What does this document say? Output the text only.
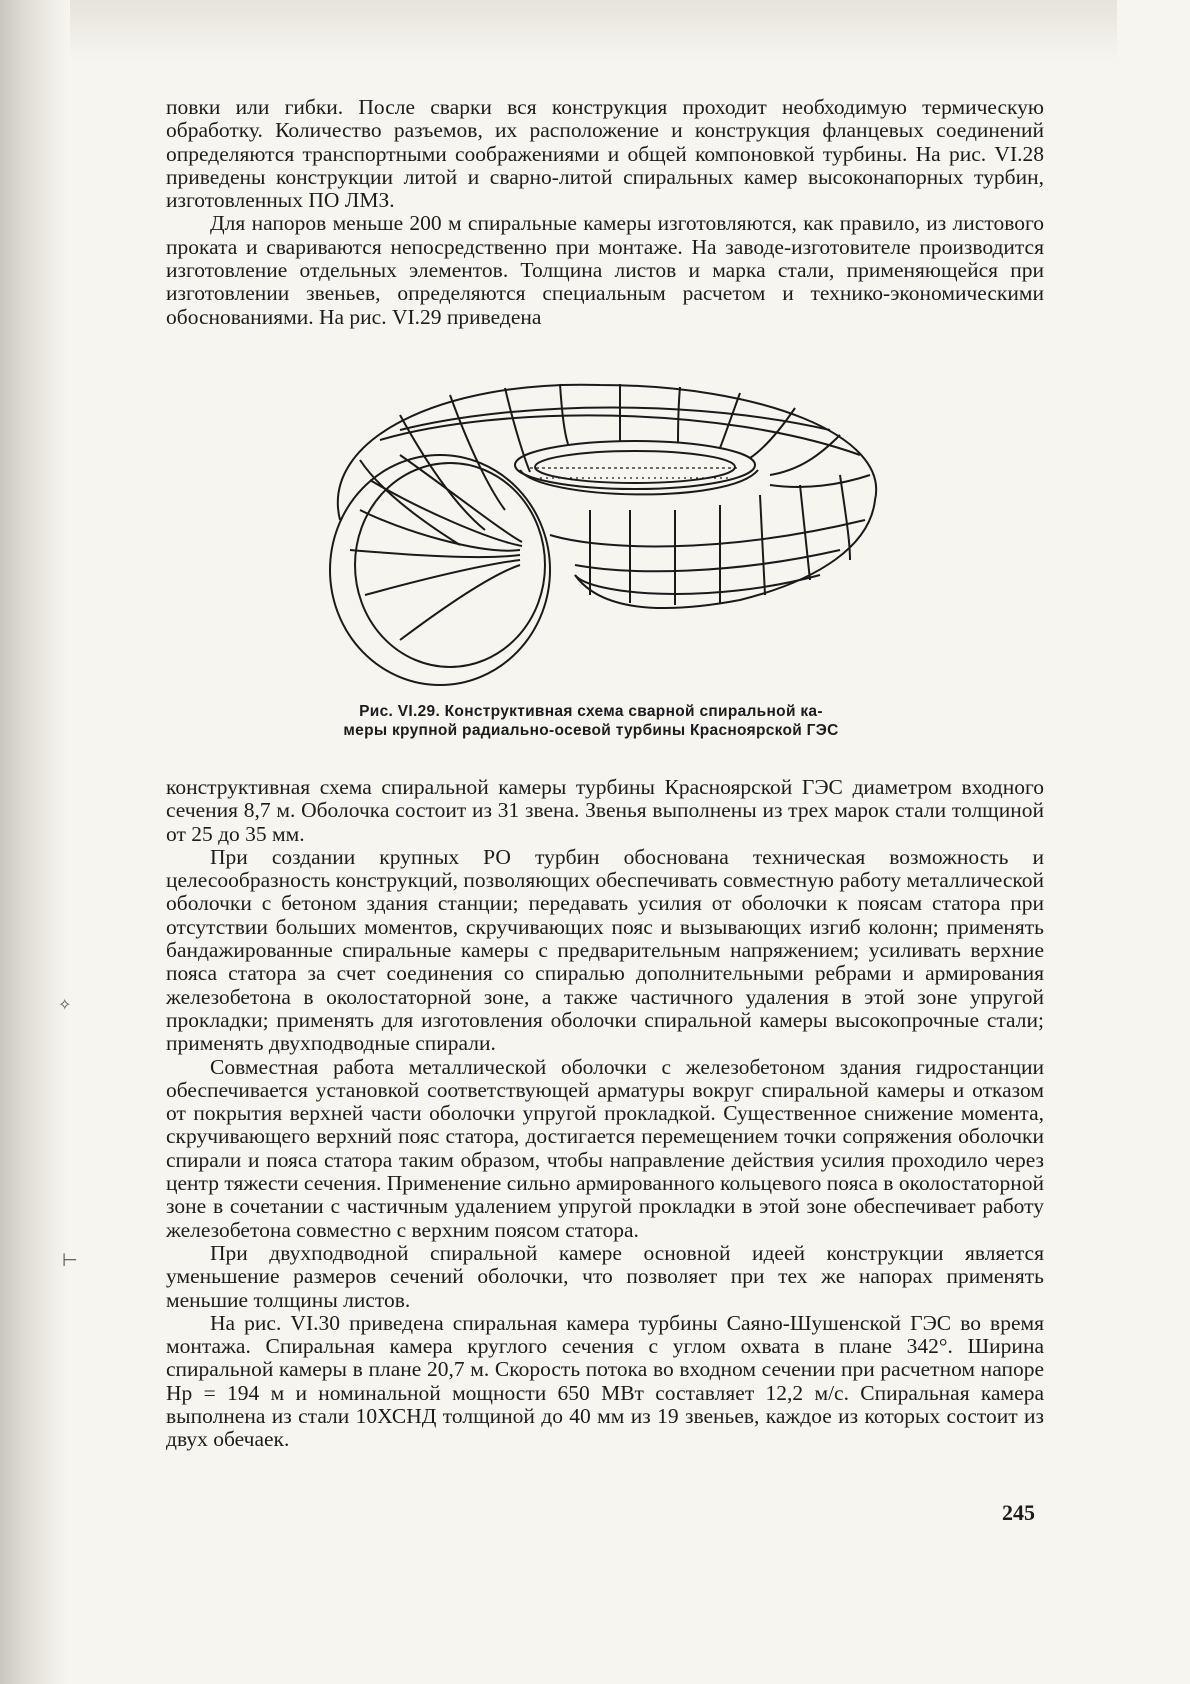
повки или гибки. После сварки вся конструкция проходит необходимую термическую обработку. Количество разъемов, их расположение и конструкция фланцевых соединений определяются транспортными соображениями и общей компоновкой турбины. На рис. VI.28 приведены конструкции литой и сварно-литой спиральных камер высоконапорных турбин, изготовленных ПО ЛМЗ.

Для напоров меньше 200 м спиральные камеры изготовляются, как правило, из листового проката и свариваются непосредственно при монтаже. На заводе-изготовителе производится изготовление отдельных элементов. Толщина листов и марка стали, применяющейся при изготовлении звеньев, определяются специальным расчетом и технико-экономическими обоснованиями. На рис. VI.29 приведена

Рис. VI.29. Конструктивная схема сварной спиральной ка-
меры крупной радиально-осевой турбины Красноярской ГЭС

конструктивная схема спиральной камеры турбины Красноярской ГЭС диаметром входного сечения 8,7 м. Оболочка состоит из 31 звена. Звенья выполнены из трех марок стали толщиной от 25 до 35 мм.

При создании крупных РО турбин обоснована техническая возможность и целесообразность конструкций, позволяющих обеспечивать совместную работу металлической оболочки с бетоном здания станции; передавать усилия от оболочки к поясам статора при отсутствии больших моментов, скручивающих пояс и вызывающих изгиб колонн; применять бандажированные спиральные камеры с предварительным напряжением; усиливать верхние пояса статора за счет соединения со спиралью дополнительными ребрами и армирования железобетона в околостаторной зоне, а также частичного удаления в этой зоне упругой прокладки; применять для изготовления оболочки спиральной камеры высокопрочные стали; применять двухподводные спирали.

Совместная работа металлической оболочки с железобетоном здания гидростанции обеспечивается установкой соответствующей арматуры вокруг спиральной камеры и отказом от покрытия верхней части оболочки упругой прокладкой. Существенное снижение момента, скручивающего верхний пояс статора, достигается перемещением точки сопряжения оболочки спирали и пояса статора таким образом, чтобы направление действия усилия проходило через центр тяжести сечения. Применение сильно армированного кольцевого пояса в околостаторной зоне в сочетании с частичным удалением упругой прокладки в этой зоне обеспечивает работу железобетона совместно с верхним поясом статора.

При двухподводной спиральной камере основной идеей конструкции является уменьшение размеров сечений оболочки, что позволяет при тех же напорах применять меньшие толщины листов.

На рис. VI.30 приведена спиральная камера турбины Саяно-Шушенской ГЭС во время монтажа. Спиральная камера круглого сечения с углом охвата в плане 342°. Ширина спиральной камеры в плане 20,7 м. Скорость потока во входном сечении при расчетном напоре Hр = 194 м и номинальной мощности 650 МВт составляет 12,2 м/с. Спиральная камера выполнена из стали 10ХСНД толщиной до 40 мм из 19 звеньев, каждое из которых состоит из двух обечаек.

245
✧
⊢
